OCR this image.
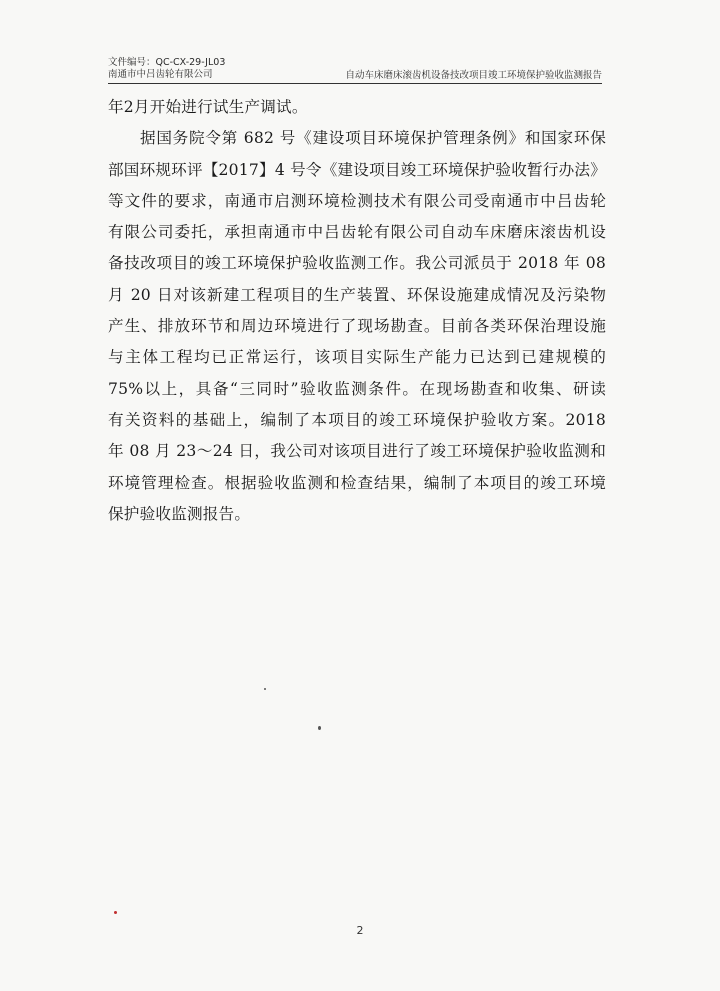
文件编号：QC-CX-29-JL03
南通市中吕齿轮有限公司	自动车床磨床滚齿机设备技改项目竣工环境保护验收监测报告
年2月开始进行试生产调试。
据国务院令第 682 号《建设项目环境保护管理条例》和国家环保
部国环规环评【2017】4 号令《建设项目竣工环境保护验收暂行办法》
等文件的要求，南通市启测环境检测技术有限公司受南通市中吕齿轮
有限公司委托，承担南通市中吕齿轮有限公司自动车床磨床滚齿机设
备技改项目的竣工环境保护验收监测工作。我公司派员于 2018 年 08
月 20 日对该新建工程项目的生产装置、环保设施建成情况及污染物
产生、排放环节和周边环境进行了现场勘查。目前各类环保治理设施
与主体工程均已正常运行，该项目实际生产能力已达到已建规模的
75%以上，具备“三同时”验收监测条件。在现场勘查和收集、研读
有关资料的基础上，编制了本项目的竣工环境保护验收方案。2018
年 08 月 23～24 日，我公司对该项目进行了竣工环境保护验收监测和
环境管理检查。根据验收监测和检查结果，编制了本项目的竣工环境
保护验收监测报告。
2
